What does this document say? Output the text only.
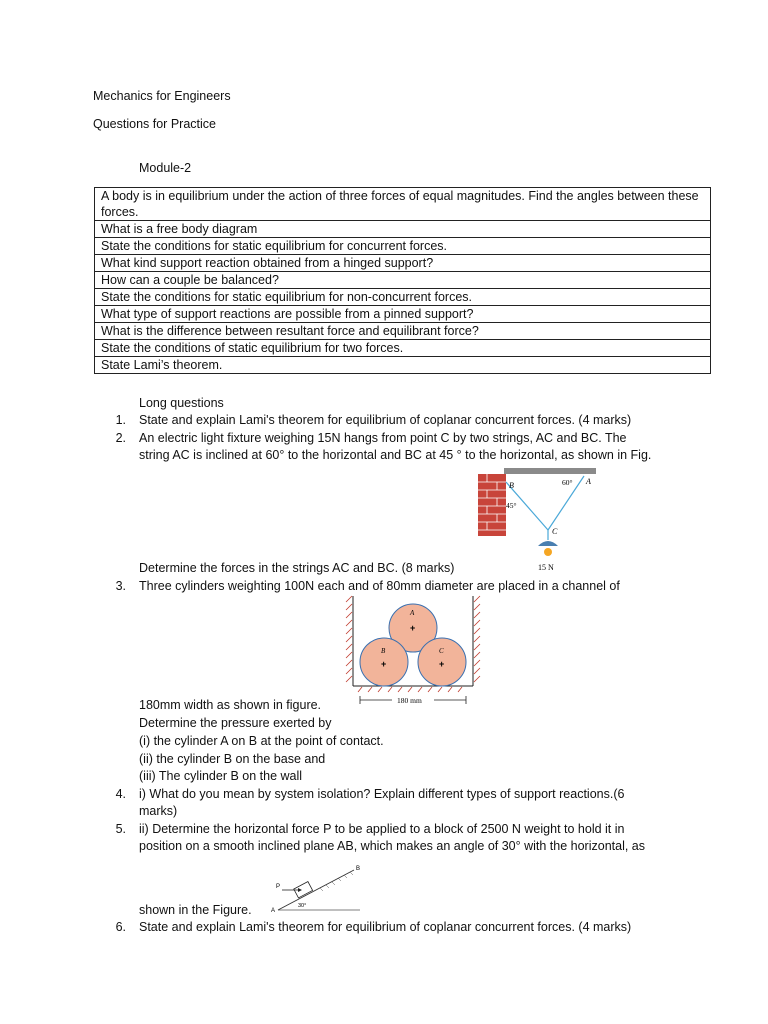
Mechanics for Engineers
Questions for Practice
Module-2
A body is in equilibrium under the action of three forces of equal magnitudes. Find the angles between these forces.
What is a free body diagram
State the conditions for static equilibrium for concurrent forces.
What kind support reaction obtained from a hinged support?
How can a couple be balanced?
State the conditions for static equilibrium for non-concurrent forces.
What type of support reactions are possible from a pinned support?
What is the difference between resultant force and equilibrant force?
State the conditions of static equilibrium for two forces.
State Lami’s theorem.
Long questions
1. State and explain Lami's theorem for equilibrium of coplanar concurrent forces. (4 marks)
2. An electric light fixture weighing 15N hangs from point C by two strings, AC and BC. The
string AC is inclined at 60° to the horizontal and BC at 45 ° to the horizontal, as shown in Fig.
B	A
C
60°
45°
15 N
Determine the forces in the strings AC and BC. (8 marks)
3. Three cylinders weighting 100N each and of 80mm diameter are placed in a channel of
A
+
B
+
C
+
180 mm
180mm width as shown in figure.
Determine the pressure exerted by
(i) the cylinder A on B at the point of contact.
(ii) the cylinder B on the base and
(iii) The cylinder B on the wall
4. i) What do you mean by system isolation? Explain different types of support reactions.(6
marks)
5. ii) Determine the horizontal force P to be applied to a block of 2500 N weight to hold it in
position on a smooth inclined plane AB, which makes an angle of 30° with the horizontal, as
P
A
B
30°
shown in the Figure.
6. State and explain Lami's theorem for equilibrium of coplanar concurrent forces. (4 marks)
